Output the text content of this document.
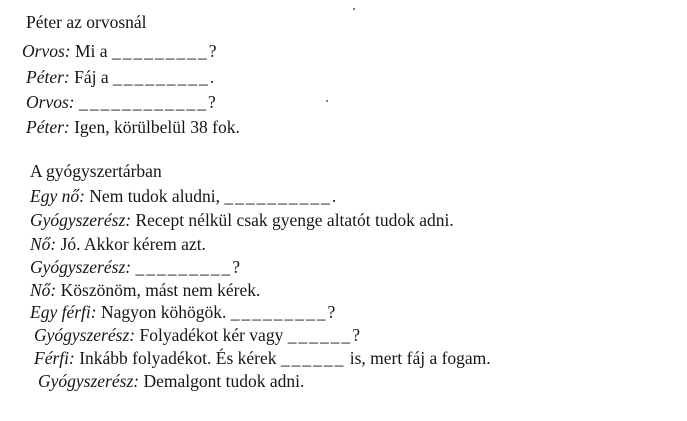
Péter az orvosnál
Orvos: Mi a _________?
Péter: Fáj a _________.
Orvos: ____________?
Péter: Igen, körülbelül 38 fok.
A gyógyszertárban
Egy nő: Nem tudok aludni, __________.
Gyógyszerész: Recept nélkül csak gyenge altatót tudok adni.
Nő: Jó. Akkor kérem azt.
Gyógyszerész: _________?
Nő: Köszönöm, mást nem kérek.
Egy férfi: Nagyon köhögök. _________?
Gyógyszerész: Folyadékot kér vagy ______?
Férfi: Inkább folyadékot. És kérek ______ is, mert fáj a fogam.
Gyógyszerész: Demalgont tudok adni.
